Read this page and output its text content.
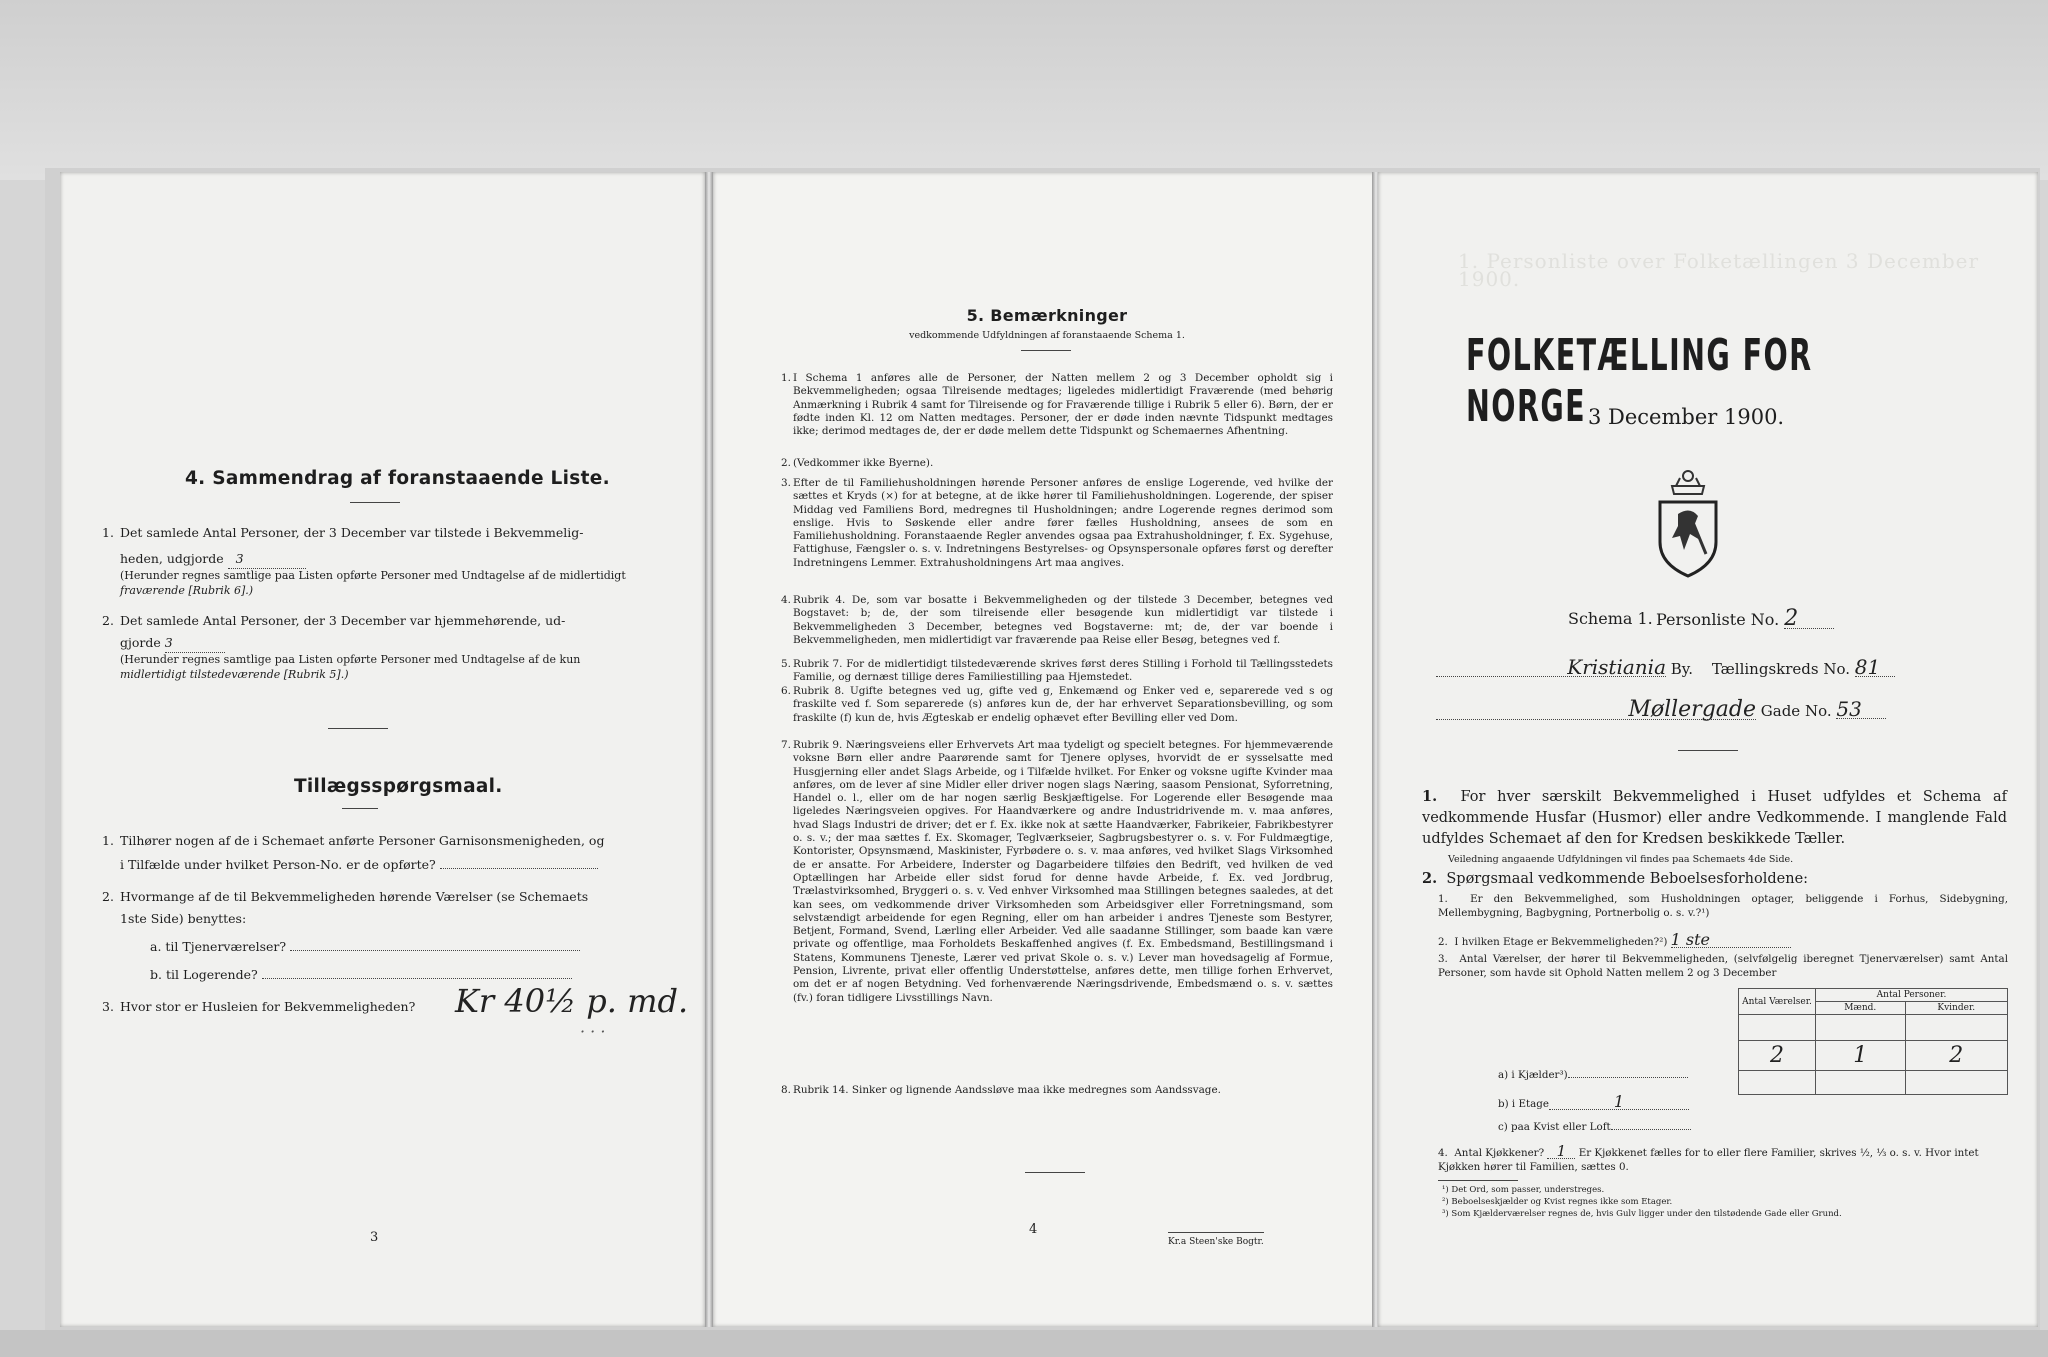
4. Sammendrag af foranstaaende Liste.
1. Det samlede Antal Personer, der 3 December var tilstede i Bekvemmelig-
heden, udgjorde 3
(Herunder regnes samtlige paa Listen opførte Personer med Undtagelse af de midlertidigt
fraværende [Rubrik 6].)
2. Det samlede Antal Personer, der 3 December var hjemmehørende, ud-
gjorde 3
(Herunder regnes samtlige paa Listen opførte Personer med Undtagelse af de kun
midlertidigt tilstedeværende [Rubrik 5].)
Tillægsspørgsmaal.
1. Tilhører nogen af de i Schemaet anførte Personer Garnisonsmenigheden, og
i Tilfælde under hvilket Person-No. er de opførte?
2. Hvormange af de til Bekvemmeligheden hørende Værelser (se Schemaets
1ste Side) benyttes:
a. til Tjenerværelser?
b. til Logerende?
3. Hvor stor er Husleien for Bekvemmeligheden? Kr 40½ p. md.
· · ·
3
5. Bemærkninger
vedkommende Udfyldningen af foranstaaende Schema 1.
1. I Schema 1 anføres alle de Personer, der Natten mellem 2 og 3 December opholdt sig i Bekvemmeligheden; ogsaa Tilreisende medtages; ligeledes midlertidigt Fraværende (med behørig Anmærkning i Rubrik 4 samt for Tilreisende og for Fraværende tillige i Rubrik 5 eller 6). Børn, der er fødte inden Kl. 12 om Natten medtages. Personer, der er døde inden nævnte Tidspunkt medtages ikke; derimod medtages de, der er døde mellem dette Tidspunkt og Schemaernes Afhentning.
2. (Vedkommer ikke Byerne).
3. Efter de til Familiehusholdningen hørende Personer anføres de enslige Logerende, ved hvilke der sættes et Kryds (×) for at betegne, at de ikke hører til Familiehusholdningen. Logerende, der spiser Middag ved Familiens Bord, medregnes til Husholdningen; andre Logerende regnes derimod som enslige. Hvis to Søskende eller andre fører fælles Husholdning, ansees de som en Familiehusholdning. Foranstaaende Regler anvendes ogsaa paa Extrahusholdninger, f. Ex. Sygehuse, Fattighuse, Fængsler o. s. v. Indretningens Bestyrelses- og Opsynspersonale opføres først og derefter Indretningens Lemmer. Extrahusholdningens Art maa angives.
4. Rubrik 4. De, som var bosatte i Bekvemmeligheden og der tilstede 3 December, betegnes ved Bogstavet: b; de, der som tilreisende eller besøgende kun midlertidigt var tilstede i Bekvemmeligheden 3 December, betegnes ved Bogstaverne: mt; de, der var boende i Bekvemmeligheden, men midlertidigt var fraværende paa Reise eller Besøg, betegnes ved f.
5. Rubrik 7. For de midlertidigt tilstedeværende skrives først deres Stilling i Forhold til Tællingsstedets Familie, og dernæst tillige deres Familiestilling paa Hjemstedet.
6. Rubrik 8. Ugifte betegnes ved ug, gifte ved g, Enkemænd og Enker ved e, separerede ved s og fraskilte ved f. Som separerede (s) anføres kun de, der har erhvervet Separationsbevilling, og som fraskilte (f) kun de, hvis Ægteskab er endelig ophævet efter Bevilling eller ved Dom.
7. Rubrik 9. Næringsveiens eller Erhvervets Art maa tydeligt og specielt betegnes. For hjemmeværende voksne Børn eller andre Paarørende samt for Tjenere oplyses, hvorvidt de er sysselsatte med Husgjerning eller andet Slags Arbeide, og i Tilfælde hvilket. For Enker og voksne ugifte Kvinder maa anføres, om de lever af sine Midler eller driver nogen slags Næring, saasom Pensionat, Syforretning, Handel o. l., eller om de har nogen særlig Beskjæftigelse. For Logerende eller Besøgende maa ligeledes Næringsveien opgives. For Haandværkere og andre Industridrivende m. v. maa anføres, hvad Slags Industri de driver; det er f. Ex. ikke nok at sætte Haandværker, Fabrikeier, Fabrikbestyrer o. s. v.; der maa sættes f. Ex. Skomager, Teglværkseier, Sagbrugsbestyrer o. s. v. For Fuldmægtige, Kontorister, Opsynsmænd, Maskinister, Fyrbødere o. s. v. maa anføres, ved hvilket Slags Virksomhed de er ansatte. For Arbeidere, Inderster og Dagarbeidere tilføies den Bedrift, ved hvilken de ved Optællingen har Arbeide eller sidst forud for denne havde Arbeide, f. Ex. ved Jordbrug, Trælastvirksomhed, Bryggeri o. s. v. Ved enhver Virksomhed maa Stillingen betegnes saaledes, at det kan sees, om vedkommende driver Virksomheden som Arbeidsgiver eller Forretningsmand, som selvstændigt arbeidende for egen Regning, eller om han arbeider i andres Tjeneste som Bestyrer, Betjent, Formand, Svend, Lærling eller Arbeider. Ved alle saadanne Stillinger, som baade kan være private og offentlige, maa Forholdets Beskaffenhed angives (f. Ex. Embedsmand, Bestillingsmand i Statens, Kommunens Tjeneste, Lærer ved privat Skole o. s. v.) Lever man hovedsagelig af Formue, Pension, Livrente, privat eller offentlig Understøttelse, anføres dette, men tillige forhen Erhvervet, om det er af nogen Betydning. Ved forhenværende Næringsdrivende, Embedsmænd o. s. v. sættes (fv.) foran tidligere Livsstillings Navn.
8. Rubrik 14. Sinker og lignende Aandssløve maa ikke medregnes som Aandssvage.
4
Kr.a Steen'ske Bogtr.
1. Personliste over Folketællingen 3 December 1900.
FOLKETÆLLING FOR NORGE 3 December 1900.
Schema 1. Personliste No. 2
Kristiania By. Tællingskreds No. 81
Møllergade Gade No. 53
1. For hver særskilt Bekvemmelighed i Huset udfyldes et Schema af vedkommende Husfar (Husmor) eller andre Vedkommende. I manglende Fald udfyldes Schemaet af den for Kredsen beskikkede Tæller.
Veiledning angaaende Udfyldningen vil findes paa Schemaets 4de Side.
2. Spørgsmaal vedkommende Beboelsesforholdene:
1.  Er den Bekvemmelighed, som Husholdningen optager, beliggende i Forhus, Sidebygning, Mellembygning, Bagbygning, Portnerbolig o. s. v.?¹)
2.  I hvilken Etage er Bekvemmeligheden?²) 1 ste
3.  Antal Værelser, der hører til Bekvemmeligheden, (selvfølgelig iberegnet Tjenerværelser) samt Antal Personer, som havde sit Ophold Natten mellem 2 og 3 December
Antal Værelser.	Antal Personer.	
	Mænd.	Kvinder.

2	1	2

a) i Kjælder³)
b) i Etage	1
c) paa Kvist eller Loft
4.  Antal Kjøkkener? 1 Er Kjøkkenet fælles for to eller flere Familier, skrives ½, ⅓ o. s. v. Hvor intet Kjøkken hører til Familien, sættes 0.
¹) Det Ord, som passer, understreges.
²) Beboelseskjælder og Kvist regnes ikke som Etager.
³) Som Kjælderværelser regnes de, hvis Gulv ligger under den tilstødende Gade eller Grund.
